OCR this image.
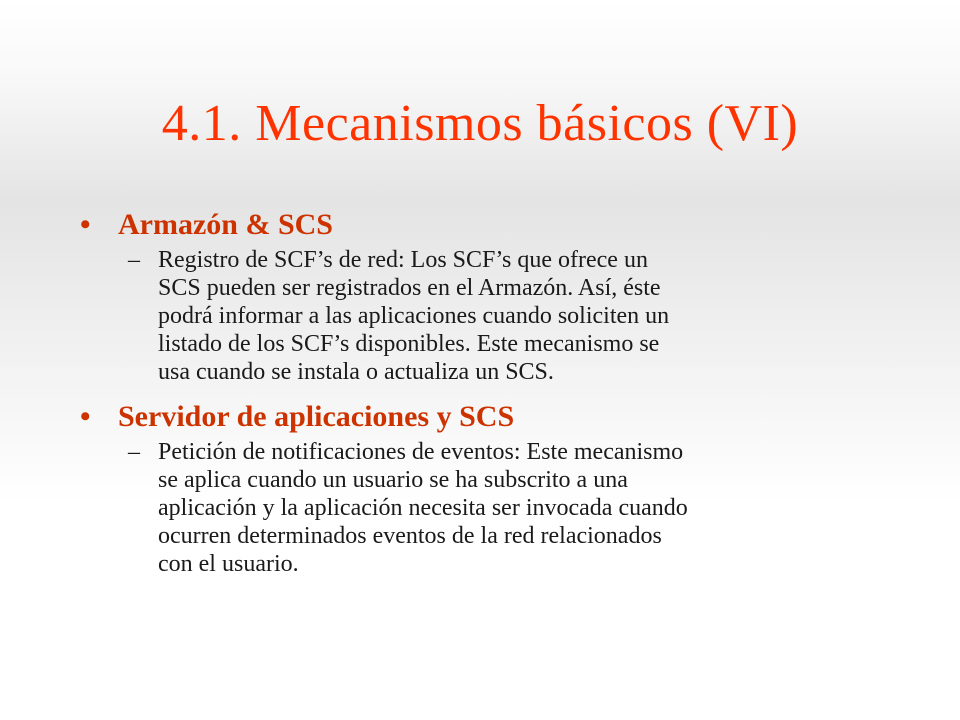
4.1. Mecanismos básicos (VI)

• Armazón & SCS

– Registro de SCF’s de red: Los SCF’s que ofrece un
SCS pueden ser registrados en el Armazón. Así, éste
podrá informar a las aplicaciones cuando soliciten un
listado de los SCF’s disponibles. Este mecanismo se
usa cuando se instala o actualiza un SCS.

• Servidor de aplicaciones y SCS

– Petición de notificaciones de eventos: Este mecanismo
se aplica cuando un usuario se ha subscrito a una
aplicación y la aplicación necesita ser invocada cuando
ocurren determinados eventos de la red relacionados
con el usuario.
